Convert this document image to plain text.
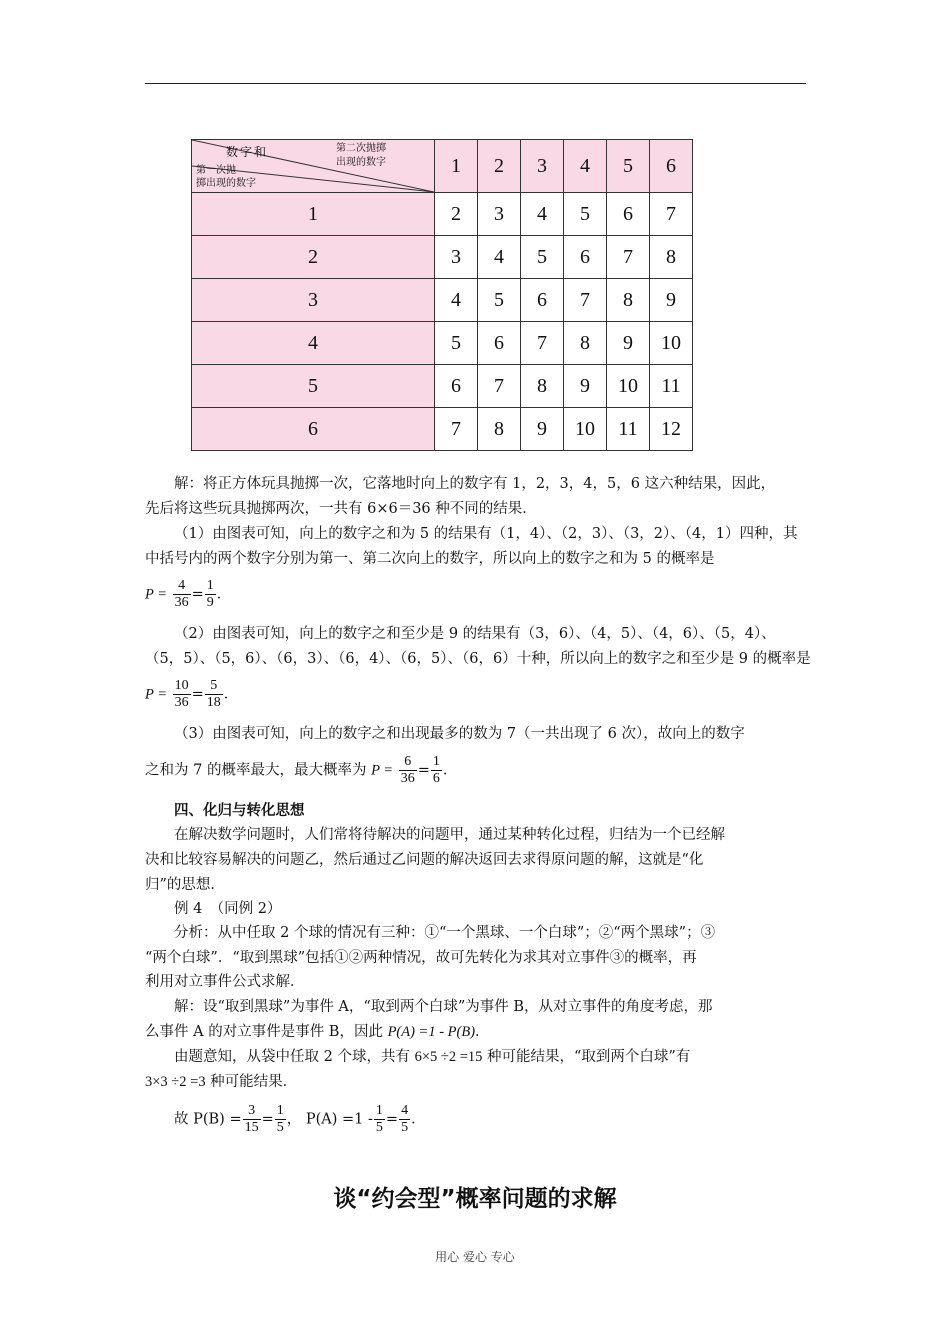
数字和 第二次抛掷
出现的数字
第一次抛
掷出现的数字	1	2	3	4	5	6
1	2	3	4	5	6	7
2	3	4	5	6	7	8
3	4	5	6	7	8	9
4	5	6	7	8	9	10
5	6	7	8	9	10	11
6	7	8	9	10	11	12
解：将正方体玩具抛掷一次，它落地时向上的数字有 1，2，3，4，5，6 这六种结果，因此，
先后将这些玩具抛掷两次，一共有 6×6＝36 种不同的结果．
（1）由图表可知，向上的数字之和为 5 的结果有（1，4）、（2，3）、（3，2）、（4，1）四种，其
中括号内的两个数字分别为第一、第二次向上的数字，所以向上的数字之和为 5 的概率是
$P = \frac{4}{36} = \frac{1}{9}$ ．
（2）由图表可知，向上的数字之和至少是 9 的结果有（3，6）、（4，5）、（4，6）、（5，4）、
（5，5）、（5，6）、（6，3）、（6，4）、（6，5）、（6，6）十种，所以向上的数字之和至少是 9 的概率是
$P = \frac{10}{36} = \frac{5}{18}$ ．
（3）由图表可知，向上的数字之和出现最多的数为 7（一共出现了 6 次），故向上的数字
之和为 7 的概率最大，最大概率为 $P = \frac{6}{36} = \frac{1}{6}$ ．
四、化归与转化思想
在解决数学问题时，人们常将待解决的问题甲，通过某种转化过程，归结为一个已经解
决和比较容易解决的问题乙，然后通过乙问题的解决返回去求得原问题的解，这就是“化
归”的思想．
例 4　（同例 2）
分析：从中任取 2 个球的情况有三种：①“一个黑球、一个白球”；②“两个黑球”；③
“两个白球”．“取到黑球”包括①②两种情况，故可先转化为求其对立事件③的概率，再
利用对立事件公式求解．
解：设“取到黑球”为事件 A，“取到两个白球”为事件 B，从对立事件的角度考虑，那
么事件 A 的对立事件是事件 B，因此 P(A) =1 - P(B)．
由题意知，从袋中任取 2 个球，共有 6×5 ÷2 =15 种可能结果，“取到两个白球”有
3×3 ÷2 =3 种可能结果．
故 $P(B) = \frac{3}{15} = \frac{1}{5}$ ， $P(A) =1 - \frac{1}{5} = \frac{4}{5}$ ．
谈“约会型”概率问题的求解
用心 爱心 专心
